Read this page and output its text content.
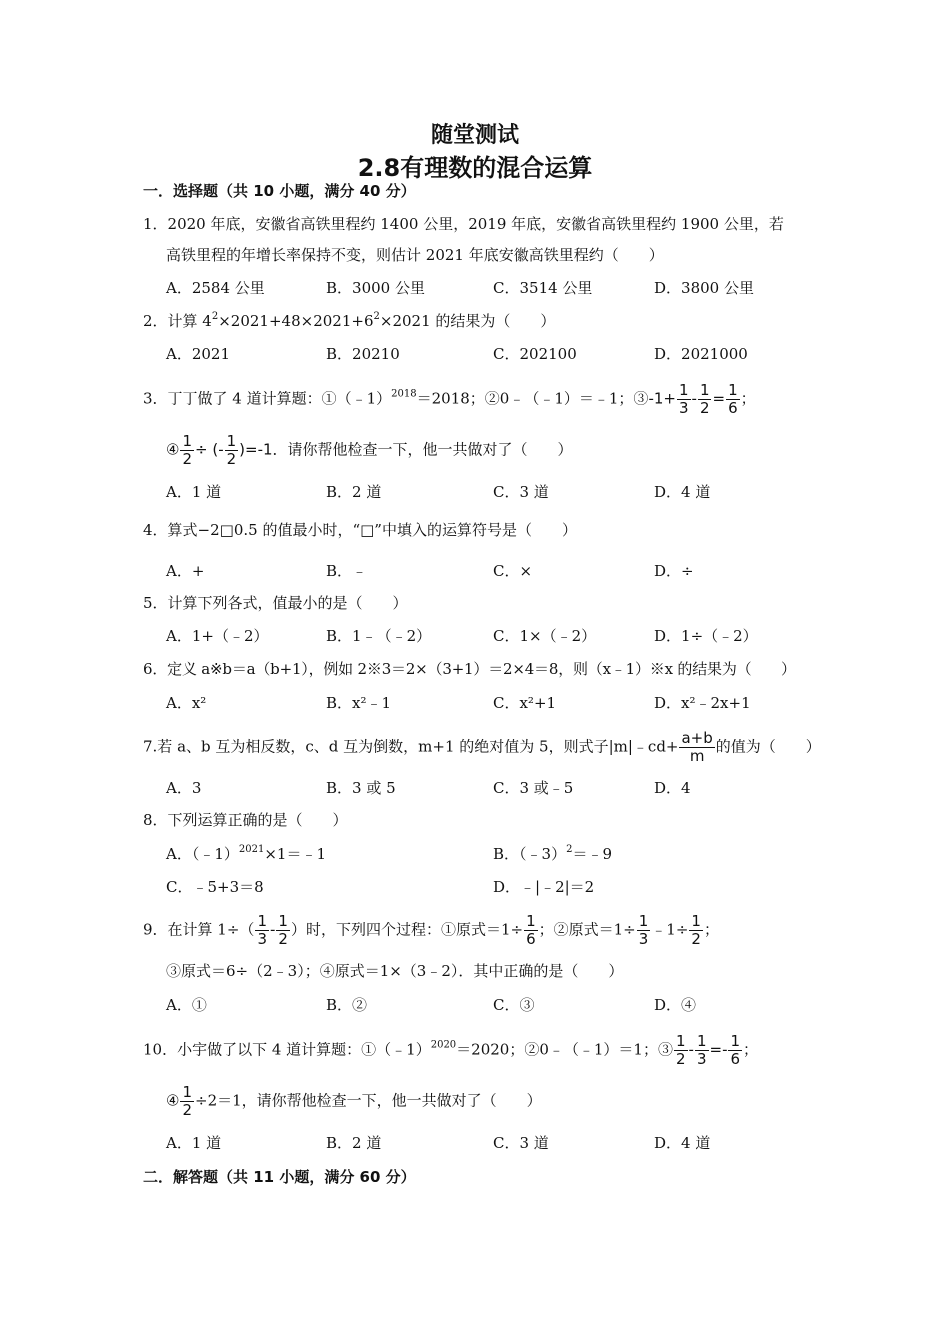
随堂测试
2.8有理数的混合运算
一．选择题（共 10 小题，满分 40 分）
1．2020 年底，安徽省高铁里程约 1400 公里，2019 年底，安徽省高铁里程约 1900 公里，若
高铁里程的年增长率保持不变，则估计 2021 年底安徽高铁里程约（　　）
A．2584 公里	B．3000 公里	C．3514 公里	D．3800 公里
2．计算 $4^2\times 2021+48\times 2021+6^2\times 2021$ 的结果为（　　）
A．2021	B．20210	C．202100	D．2021000
3．丁丁做了 4 道计算题：①（﹣1）$^{2018}$＝2018；②0﹣（﹣1）＝﹣1；③-1+ $\frac{1}{3} - \frac{1}{2} = \frac{1}{6}$ ；
④ $\frac{1}{2}$ ÷ (- $\frac{1}{2} )=-1$．请你帮他检查一下，他一共做对了（　　）
A．1 道	B．2 道	C．3 道	D．4 道
4．算式−2□0.5 的值最小时，“□”中填入的运算符号是（　　）
A．+	B．﹣	C．×	D．÷
5．计算下列各式，值最小的是（　　）
A．1+（﹣2）	B．1﹣（﹣2）	C．1×（﹣2）	D．1÷（﹣2）
6．定义 a※b＝a（b+1），例如 2※3＝2×（3+1）＝2×4＝8，则（x﹣1）※x 的结果为（　　）
A．x²	B．x²﹣1	C．x²+1	D．x²﹣2x+1
7.若 a、b 互为相反数，c、d 互为倒数，m+1 的绝对值为 5，则式子|m|﹣cd+ $\frac{a+b}{m}$ 的值为（　　）
A．3	B．3 或 5	C．3 或﹣5	D．4
8．下列运算正确的是（　　）
A．（﹣1）$^{2021}$×1＝﹣1	B．（﹣3）$^2$＝﹣9
C．﹣5+3＝8	D．﹣|﹣2|＝2
9．在计算 $1\div( \frac{1}{3} - \frac{1}{2}$ ）时，下列四个过程：①原式$=1\div \frac{1}{6}$ ；②原式$=1\div \frac{1}{3}$ ﹣1÷ $\frac{1}{2}$ ；
③原式＝6÷（2﹣3）；④原式＝1×（3﹣2）．其中正确的是（　　）
A．①	B．②	C．③	D．④
10．小宇做了以下 4 道计算题：①（﹣1）$^{2020}$＝2020；②0﹣（﹣1）＝1；③ $\frac{1}{2} - \frac{1}{3} =- \frac{1}{6}$ ；
④ $\frac{1}{2} \div 2=1$，请你帮他检查一下，他一共做对了（　　）
A．1 道	B．2 道	C．3 道	D．4 道
二．解答题（共 11 小题，满分 60 分）
